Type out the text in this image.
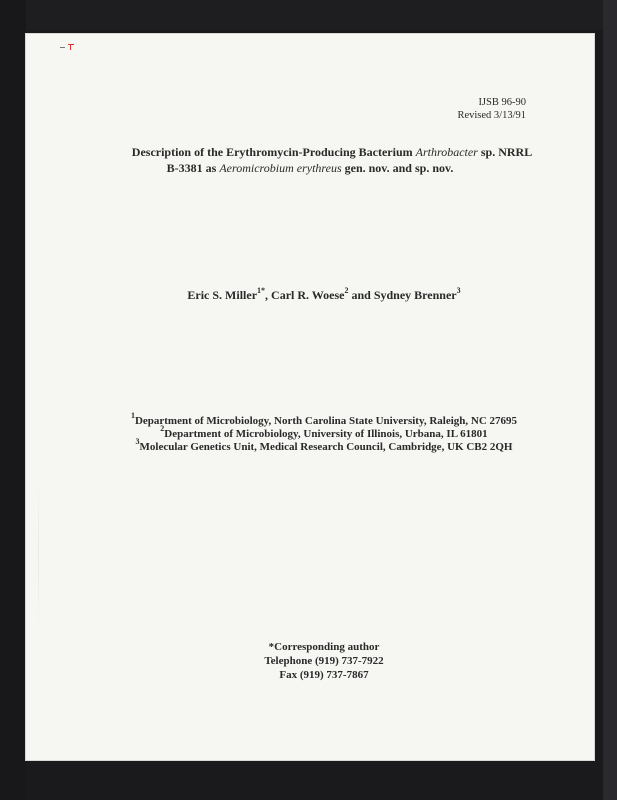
IJSB 96-90
Revised 3/13/91
Description of the Erythromycin-Producing Bacterium Arthrobacter sp. NRRL
B-3381 as Aeromicrobium erythreus gen. nov. and sp. nov.
Eric S. Miller$^{1*}$, Carl R. Woese$^2$ and Sydney Brenner$^3$
$^1$Department of Microbiology, North Carolina State University, Raleigh, NC 27695
$^2$Department of Microbiology, University of Illinois, Urbana, IL 61801
$^3$Molecular Genetics Unit, Medical Research Council, Cambridge, UK CB2 2QH
*Corresponding author
Telephone (919) 737-7922
Fax (919) 737-7867
